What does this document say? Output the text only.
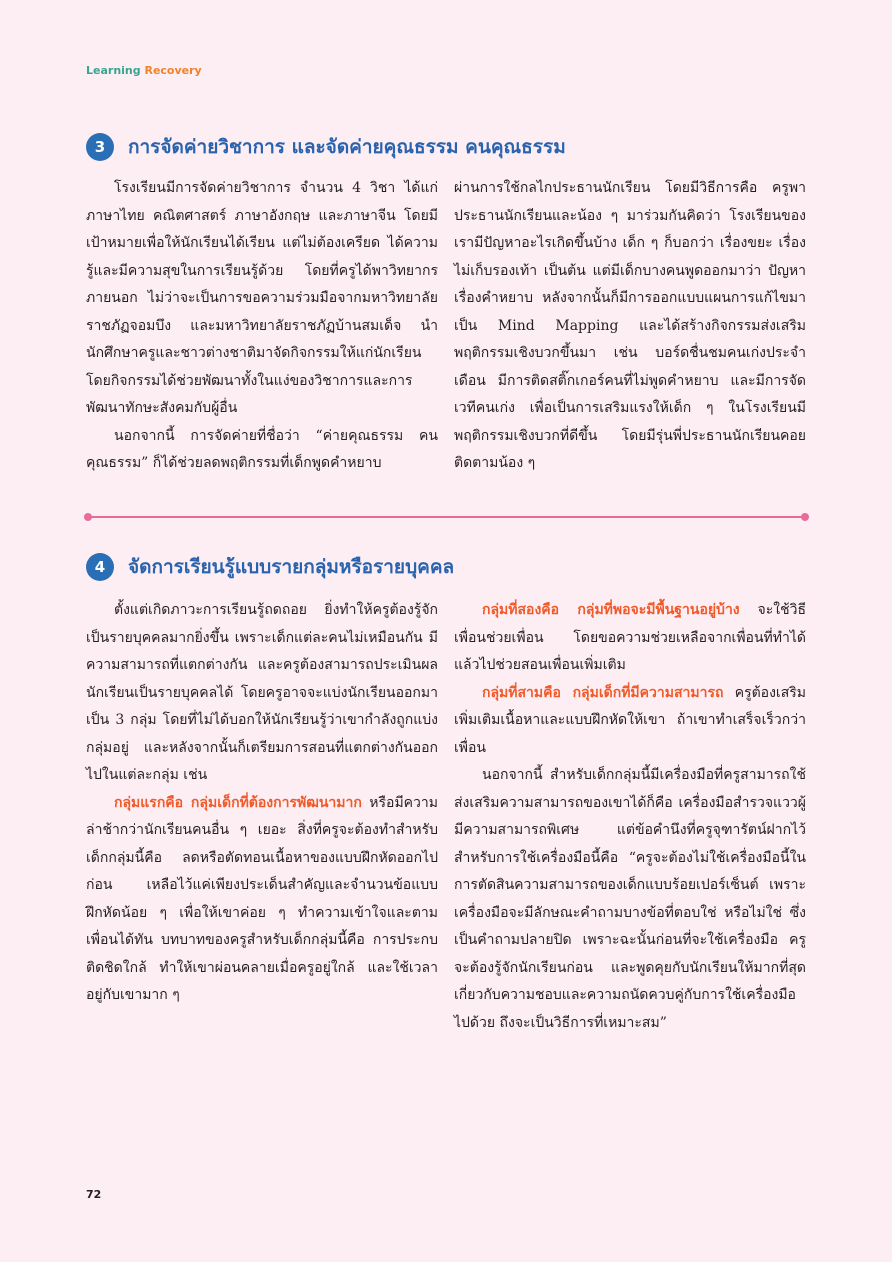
Learning Recovery
3	การจัดค่ายวิชาการ และจัดค่ายคุณธรรม คนคุณธรรม

โรงเรียนมีการจัดค่ายวิชาการ จำนวน 4 วิชา ได้แก่ ภาษาไทย คณิตศาสตร์ ภาษาอังกฤษ และภาษาจีน โดยมีเป้าหมายเพื่อให้นักเรียนได้เรียน แต่ไม่ต้องเครียด ได้ความรู้และมีความสุขในการเรียนรู้ด้วย โดยที่ครูได้พาวิทยากรภายนอก ไม่ว่าจะเป็นการขอความร่วมมือจากมหาวิทยาลัยราชภัฏจอมบึง และมหาวิทยาลัยราชภัฏบ้านสมเด็จ นำนักศึกษาครูและชาวต่างชาติมาจัดกิจกรรมให้แก่นักเรียน โดยกิจกรรมได้ช่วยพัฒนาทั้งในแง่ของวิชาการและการพัฒนาทักษะสังคมกับผู้อื่น

นอกจากนี้ การจัดค่ายที่ชื่อว่า “ค่ายคุณธรรม คนคุณธรรม” ก็ได้ช่วยลดพฤติกรรมที่เด็กพูดคำหยาบ

ผ่านการใช้กลไกประธานนักเรียน โดยมีวิธีการคือ ครูพาประธานนักเรียนและน้อง ๆ มาร่วมกันคิดว่า โรงเรียนของเรามีปัญหาอะไรเกิดขึ้นบ้าง เด็ก ๆ ก็บอกว่า เรื่องขยะ เรื่องไม่เก็บรองเท้า เป็นต้น แต่มีเด็กบางคนพูดออกมาว่า ปัญหาเรื่องคำหยาบ หลังจากนั้นก็มีการออกแบบแผนการแก้ไขมาเป็น Mind Mapping และได้สร้างกิจกรรมส่งเสริมพฤติกรรมเชิงบวกขึ้นมา เช่น บอร์ดชื่นชมคนเก่งประจำเดือน มีการติดสติ๊กเกอร์คนที่ไม่พูดคำหยาบ และมีการจัดเวทีคนเก่ง เพื่อเป็นการเสริมแรงให้เด็ก ๆ ในโรงเรียนมีพฤติกรรมเชิงบวกที่ดีขึ้น โดยมีรุ่นพี่ประธานนักเรียนคอยติดตามน้อง ๆ

4	จัดการเรียนรู้แบบรายกลุ่มหรือรายบุคคล

ตั้งแต่เกิดภาวะการเรียนรู้ถดถอย ยิ่งทำให้ครูต้องรู้จักเป็นรายบุคคลมากยิ่งขึ้น เพราะเด็กแต่ละคนไม่เหมือนกัน มีความสามารถที่แตกต่างกัน และครูต้องสามารถประเมินผลนักเรียนเป็นรายบุคคลได้ โดยครูอาจจะแบ่งนักเรียนออกมาเป็น 3 กลุ่ม โดยที่ไม่ได้บอกให้นักเรียนรู้ว่าเขากำลังถูกแบ่งกลุ่มอยู่ และหลังจากนั้นก็เตรียมการสอนที่แตกต่างกันออกไปในแต่ละกลุ่ม เช่น

กลุ่มแรกคือ กลุ่มเด็กที่ต้องการพัฒนามาก หรือมีความล่าช้ากว่านักเรียนคนอื่น ๆ เยอะ สิ่งที่ครูจะต้องทำสำหรับเด็กกลุ่มนี้คือ ลดหรือตัดทอนเนื้อหาของแบบฝึกหัดออกไปก่อน เหลือไว้แค่เพียงประเด็นสำคัญและจำนวนข้อแบบฝึกหัดน้อย ๆ เพื่อให้เขาค่อย ๆ ทำความเข้าใจและตามเพื่อนได้ทัน บทบาทของครูสำหรับเด็กกลุ่มนี้คือ การประกบติดชิดใกล้ ทำให้เขาผ่อนคลายเมื่อครูอยู่ใกล้ และใช้เวลาอยู่กับเขามาก ๆ

กลุ่มที่สองคือ กลุ่มที่พอจะมีพื้นฐานอยู่บ้าง จะใช้วิธีเพื่อนช่วยเพื่อน โดยขอความช่วยเหลือจากเพื่อนที่ทำได้แล้วไปช่วยสอนเพื่อนเพิ่มเติม

กลุ่มที่สามคือ กลุ่มเด็กที่มีความสามารถ ครูต้องเสริม เพิ่มเติมเนื้อหาและแบบฝึกหัดให้เขา ถ้าเขาทำเสร็จเร็วกว่าเพื่อน

นอกจากนี้ สำหรับเด็กกลุ่มนี้มีเครื่องมือที่ครูสามารถใช้ส่งเสริมความสามารถของเขาได้ก็คือ เครื่องมือสำรวจแววผู้มีความสามารถพิเศษ แต่ข้อคำนึงที่ครูจุฑารัตน์ฝากไว้สำหรับการใช้เครื่องมือนี้คือ “ครูจะต้องไม่ใช้เครื่องมือนี้ในการตัดสินความสามารถของเด็กแบบร้อยเปอร์เซ็นต์ เพราะเครื่องมือจะมีลักษณะคำถามบางข้อที่ตอบใช่ หรือไม่ใช่ ซึ่งเป็นคำถามปลายปิด เพราะฉะนั้นก่อนที่จะใช้เครื่องมือ ครูจะต้องรู้จักนักเรียนก่อน และพูดคุยกับนักเรียนให้มากที่สุดเกี่ยวกับความชอบและความถนัดควบคู่กับการใช้เครื่องมือไปด้วย ถึงจะเป็นวิธีการที่เหมาะสม”

72
